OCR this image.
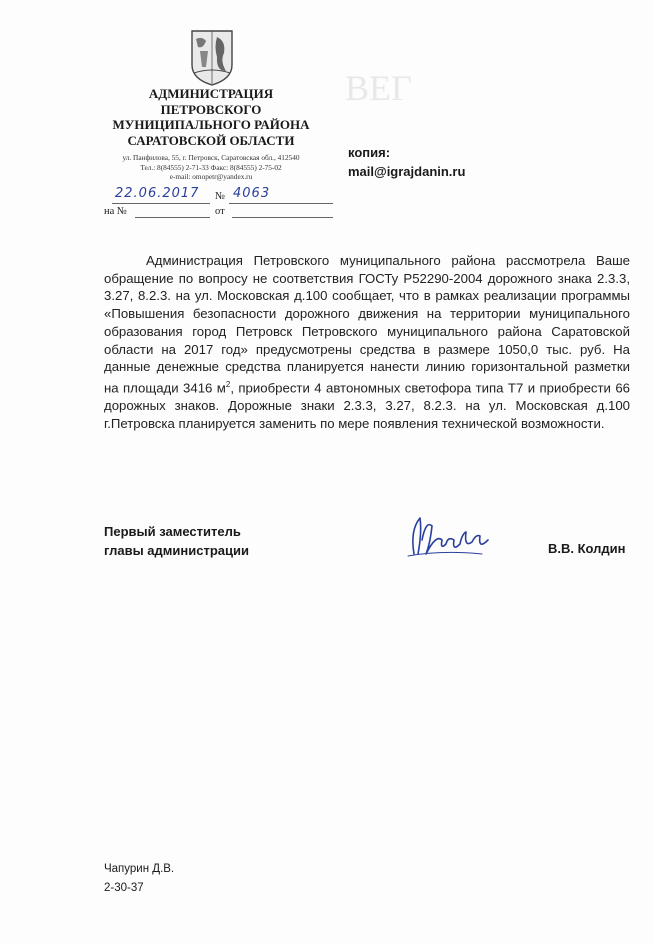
ВЕГ
АДМИНИСТРАЦИЯ
ПЕТРОВСКОГО
МУНИЦИПАЛЬНОГО РАЙОНА
САРАТОВСКОЙ ОБЛАСТИ
ул. Панфилова, 55, г. Петровск, Саратовская обл., 412540
Тел.: 8(84555) 2-71-33 Факс: 8(84555) 2-75-02
e-mail: omopetr@yandex.ru
копия:
mail@igrajdanin.ru
22.06.2017 № 4063
на №	от

Администрация Петровского муниципального района рассмотрела Ваше обращение по вопросу не соответствия ГОСТу Р52290-2004 дорожного знака 2.3.3, 3.27, 8.2.3. на ул. Московская д.100 сообщает, что в рамках реализации программы «Повышения безопасности дорожного движения на территории муниципального образования город Петровск Петровского муниципального района Саратовской области на 2017 год» предусмотрены средства в размере 1050,0 тыс. руб. На данные денежные средства планируется нанести линию горизонтальной разметки на площади 3416 $м^2$, приобрести 4 автономных светофора типа Т7 и приобрести 66 дорожных знаков. Дорожные знаки 2.3.3, 3.27, 8.2.3. на ул. Московская д.100 г.Петровска планируется заменить по мере появления технической возможности.

Первый заместитель
главы администрации	В.В. Колдин
Чапурин Д.В.
2-30-37
